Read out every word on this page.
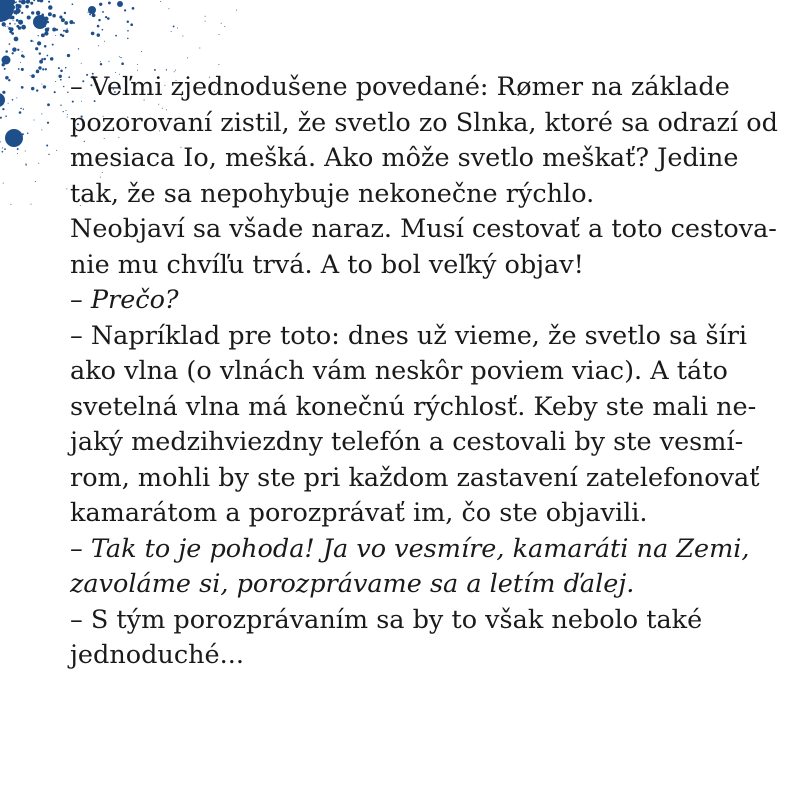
– Veľmi zjednodušene povedané: Rømer na základe
pozorovaní zistil, že svetlo zo Slnka, ktoré sa odrazí od
mesiaca Io, mešká. Ako môže svetlo meškať? Jedine
tak, že sa nepohybuje nekonečne rýchlo.
Neobjaví sa všade naraz. Musí cestovať a toto cestova-
nie mu chvíľu trvá. A to bol veľký objav!
– Prečo?
– Napríklad pre toto: dnes už vieme, že svetlo sa šíri
ako vlna (o vlnách vám neskôr poviem viac). A táto
svetelná vlna má konečnú rýchlosť. Keby ste mali ne-
jaký medzihviezdny telefón a cestovali by ste vesmí-
rom, mohli by ste pri každom zastavení zatelefonovať
kamarátom a porozprávať im, čo ste objavili.
– Tak to je pohoda! Ja vo vesmíre, kamaráti na Zemi,
zavoláme si, porozprávame sa a letím ďalej.
– S tým porozprávaním sa by to však nebolo také
jednoduché...
